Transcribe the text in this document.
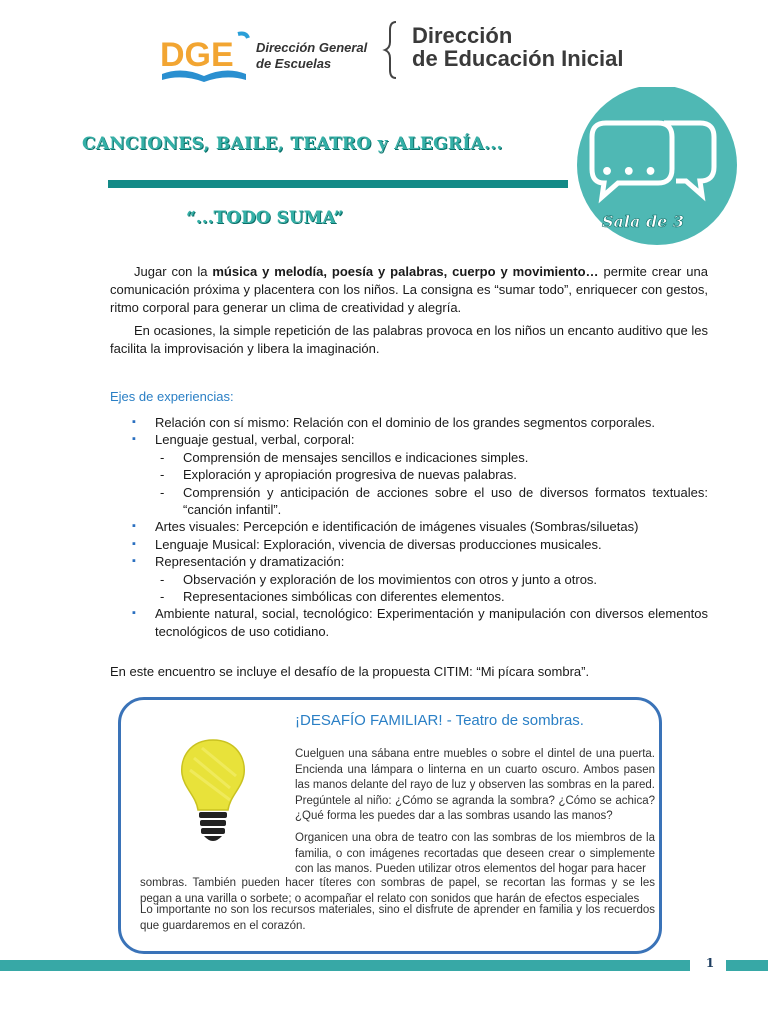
DGE Dirección General
de Escuelas
Dirección
de Educación Inicial
CANCIONES, BAILE, TEATRO y ALEGRÍA...
“...TODO SUMA”
• • •
Sala de 3
Jugar con la música y melodía, poesía y palabras, cuerpo y movimiento… permite crear una comunicación próxima y placentera con los niños. La consigna es “sumar todo”, enriquecer con gestos, ritmo corporal para generar un clima de creatividad y alegría.
En ocasiones, la simple repetición de las palabras provoca en los niños un encanto auditivo que les facilita la improvisación y libera la imaginación.
Ejes de experiencias:
▪ Relación con sí mismo: Relación con el dominio de los grandes segmentos corporales.
▪ Lenguaje gestual, verbal, corporal:
- Comprensión de mensajes sencillos e indicaciones simples.
- Exploración y apropiación progresiva de nuevas palabras.
- Comprensión y anticipación de acciones sobre el uso de diversos formatos textuales: “canción infantil”.
▪ Artes visuales: Percepción e identificación de imágenes visuales (Sombras/siluetas)
▪ Lenguaje Musical: Exploración, vivencia de diversas producciones musicales.
▪ Representación y dramatización:
- Observación y exploración de los movimientos con otros y junto a otros.
- Representaciones simbólicas con diferentes elementos.
▪ Ambiente natural, social, tecnológico: Experimentación y manipulación con diversos elementos tecnológicos de uso cotidiano.
En este encuentro se incluye el desafío de la propuesta CITIM: “Mi pícara sombra”.
¡DESAFÍO FAMILIAR! - Teatro de sombras.
Cuelguen una sábana entre muebles o sobre el dintel de una puerta. Encienda una lámpara o linterna en un cuarto oscuro. Ambos pasen las manos delante del rayo de luz y observen las sombras en la pared. Pregúntele al niño: ¿Cómo se agranda la sombra? ¿Cómo se achica? ¿Qué forma les puedes dar a las sombras usando las manos?
Organicen una obra de teatro con las sombras de los miembros de la familia, o con imágenes recortadas que deseen crear o simplemente con las manos. Pueden utilizar otros elementos del hogar para hacer
sombras. También pueden hacer títeres con sombras de papel, se recortan las formas y se les pegan a una varilla o sorbete; o acompañar el relato con sonidos que harán de efectos especiales
Lo importante no son los recursos materiales, sino el disfrute de aprender en familia y los recuerdos que guardaremos en el corazón.
1
